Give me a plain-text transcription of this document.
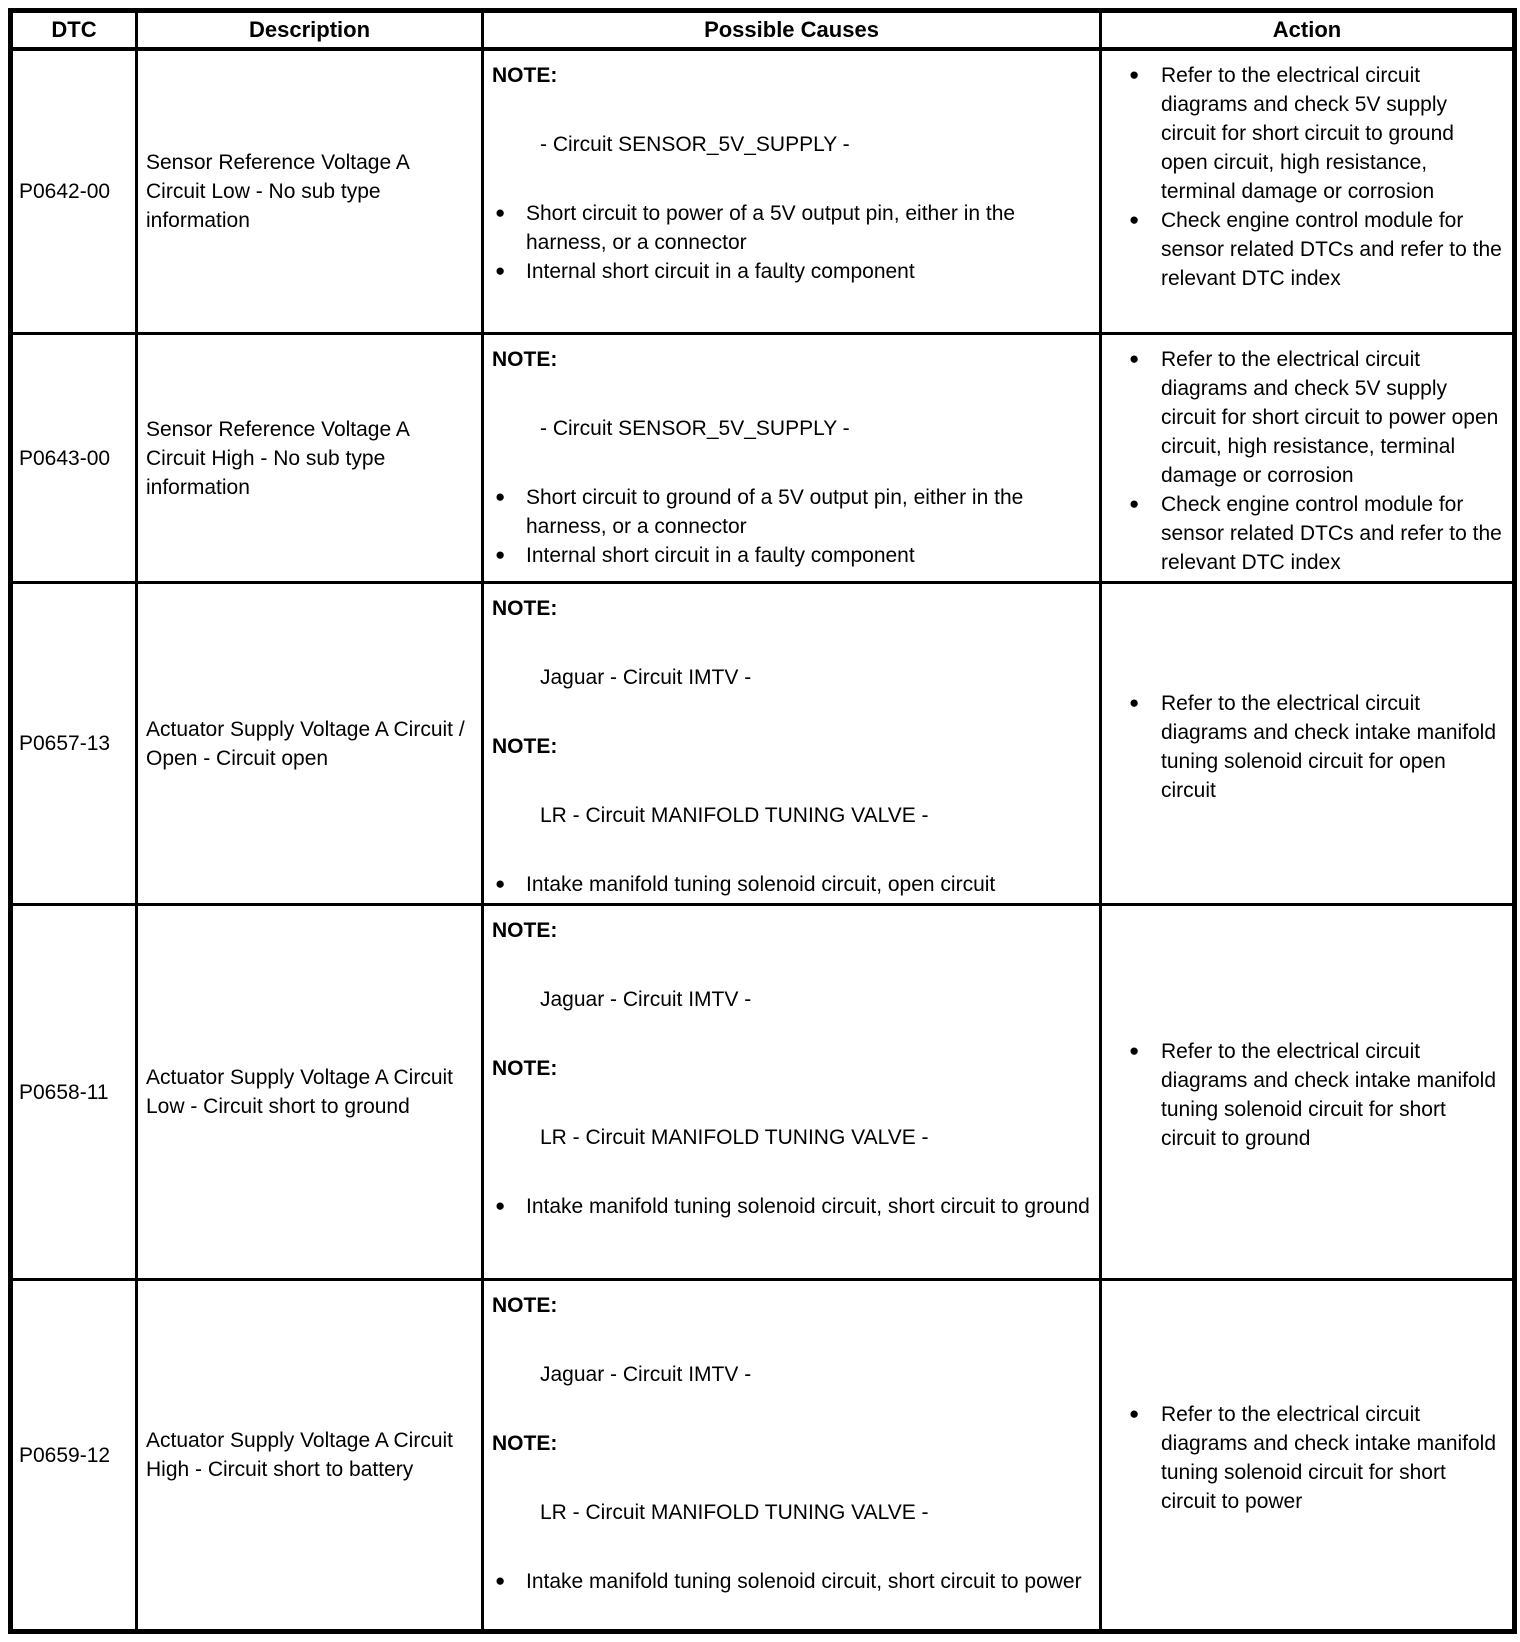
DTC	Description	Possible Causes	Action
P0642-00	Sensor Reference Voltage A Circuit Low - No sub type information	
NOTE:
- Circuit SENSOR_5V_SUPPLY -
● Short circuit to power of a 5V output pin, either in the harness, or a connector
● Internal short circuit in a faulty component

● Refer to the electrical circuit diagrams and check 5V supply circuit for short circuit to ground open circuit, high resistance, terminal damage or corrosion
● Check engine control module for sensor related DTCs and refer to the relevant DTC index

P0643-00	Sensor Reference Voltage A Circuit High - No sub type information	
NOTE:
- Circuit SENSOR_5V_SUPPLY -
● Short circuit to ground of a 5V output pin, either in the harness, or a connector
● Internal short circuit in a faulty component

● Refer to the electrical circuit diagrams and check 5V supply circuit for short circuit to power open circuit, high resistance, terminal damage or corrosion
● Check engine control module for sensor related DTCs and refer to the relevant DTC index

P0657-13	Actuator Supply Voltage A Circuit / Open - Circuit open	
NOTE:
Jaguar - Circuit IMTV -
NOTE:
LR - Circuit MANIFOLD TUNING VALVE -
● Intake manifold tuning solenoid circuit, open circuit

● Refer to the electrical circuit diagrams and check intake manifold tuning solenoid circuit for open circuit

P0658-11	Actuator Supply Voltage A Circuit Low - Circuit short to ground	
NOTE:
Jaguar - Circuit IMTV -
NOTE:
LR - Circuit MANIFOLD TUNING VALVE -
● Intake manifold tuning solenoid circuit, short circuit to ground

● Refer to the electrical circuit diagrams and check intake manifold tuning solenoid circuit for short circuit to ground

P0659-12	Actuator Supply Voltage A Circuit High - Circuit short to battery	
NOTE:
Jaguar - Circuit IMTV -
NOTE:
LR - Circuit MANIFOLD TUNING VALVE -
● Intake manifold tuning solenoid circuit, short circuit to power

● Refer to the electrical circuit diagrams and check intake manifold tuning solenoid circuit for short circuit to power
